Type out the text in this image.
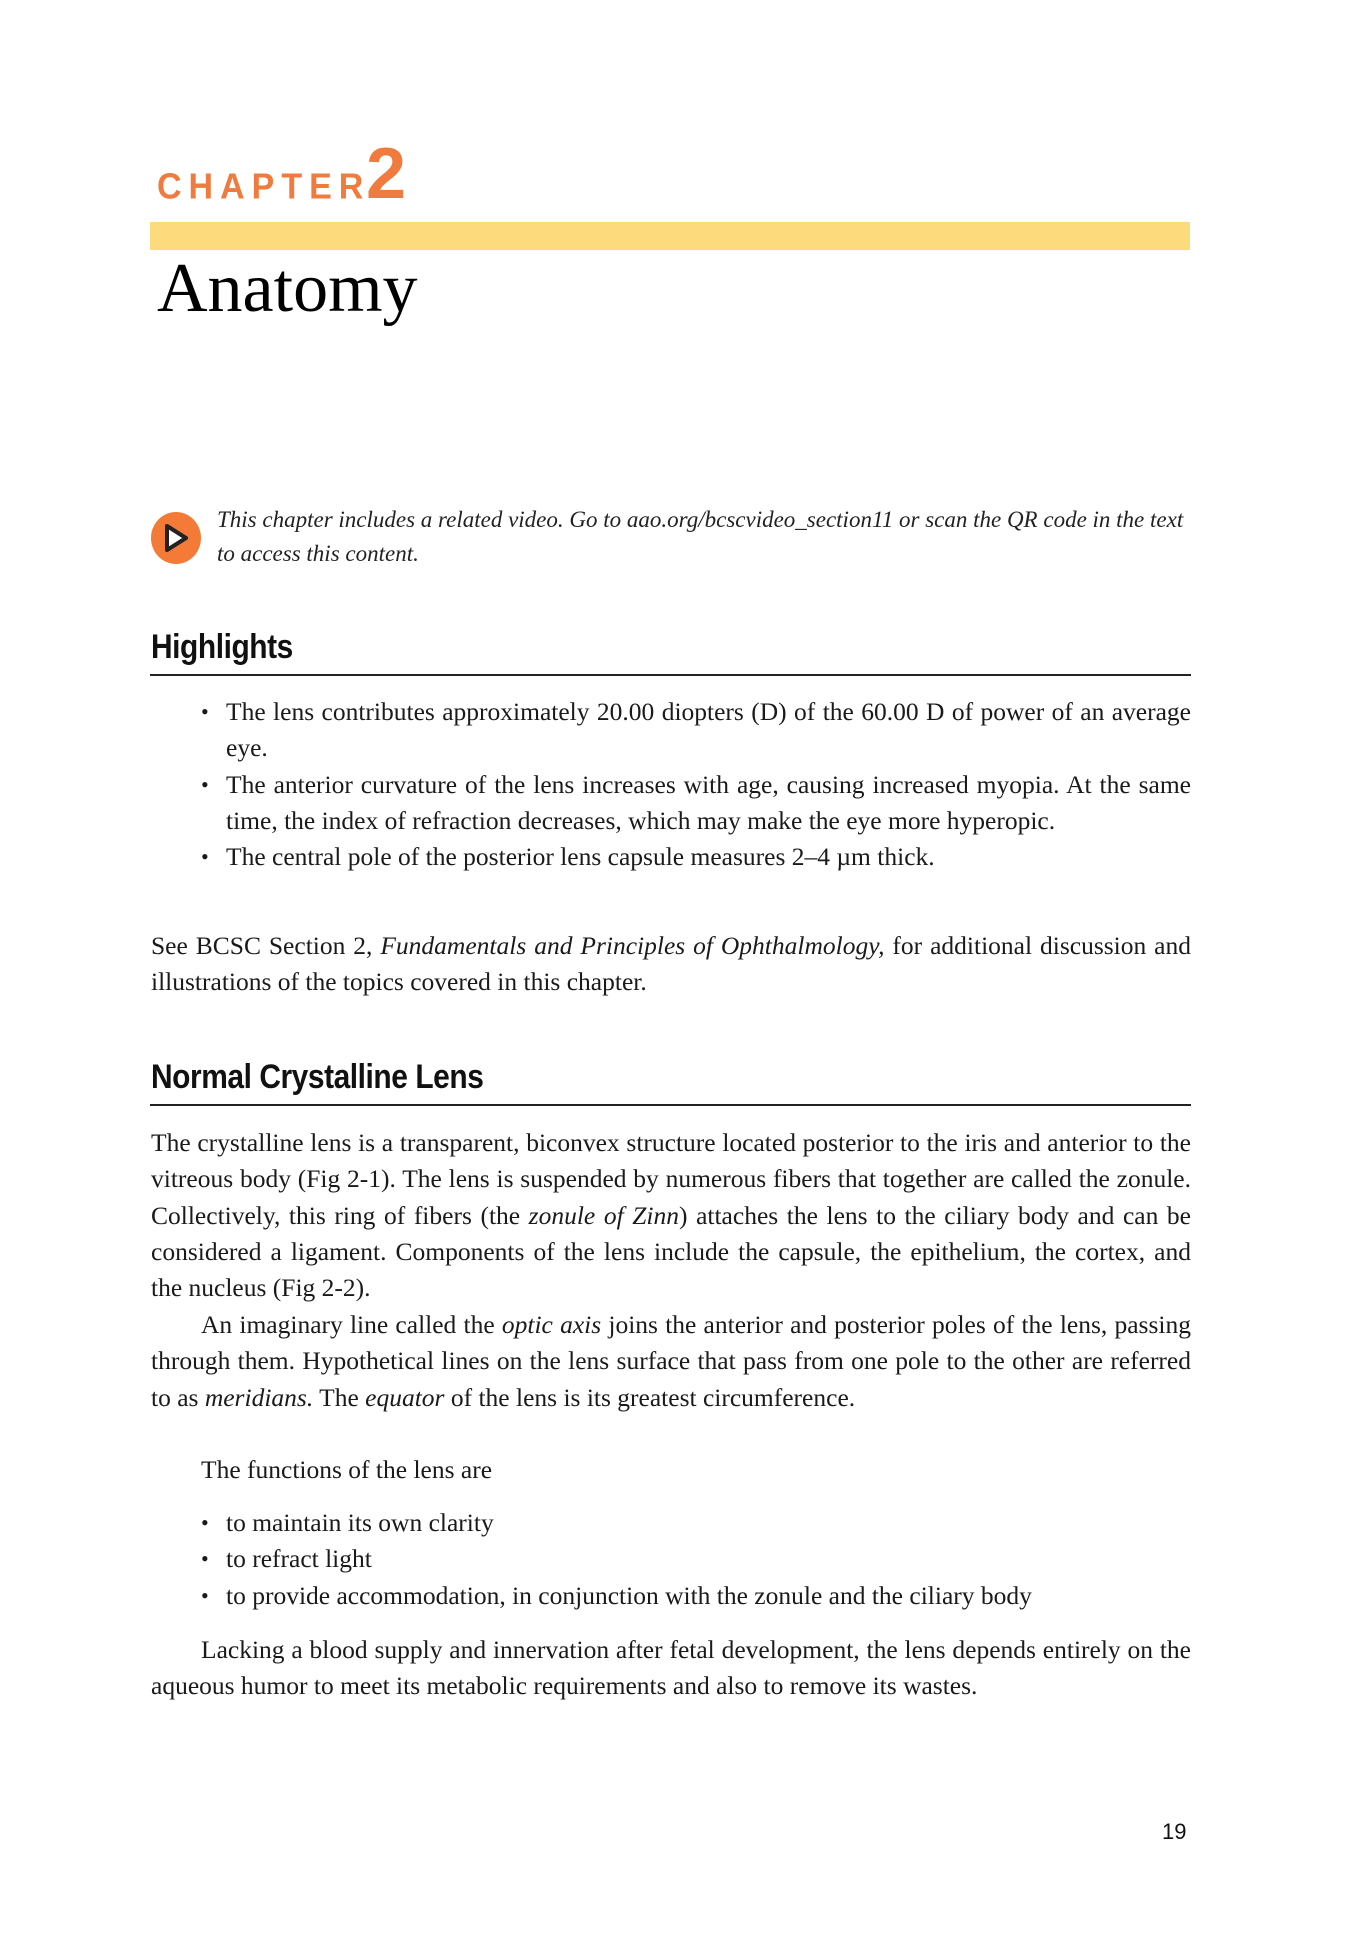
CHAPTER
2
Anatomy
This chapter includes a related video. Go to aao.org/bcscvideo_section11 or scan the QR code in the text to access this content.
Highlights
• The lens contributes approximately 20.00 diopters (D) of the 60.00 D of power of an average eye.
• The anterior curvature of the lens increases with age, causing increased myopia. At the same time, the index of refraction decreases, which may make the eye more hyperopic.
• The central pole of the posterior lens capsule measures 2–4 µm thick.

See BCSC Section 2, Fundamentals and Principles of Ophthalmology, for additional discussion and illustrations of the topics covered in this chapter.

Normal Crystalline Lens

The crystalline lens is a transparent, biconvex structure located posterior to the iris and anterior to the vitreous body (Fig 2-1). The lens is suspended by numerous fibers that together are called the zonule. Collectively, this ring of fibers (the zonule of Zinn) attaches the lens to the ciliary body and can be considered a ligament. Components of the lens include the capsule, the epithelium, the cortex, and the nucleus (Fig 2-2).

An imaginary line called the optic axis joins the anterior and posterior poles of the lens, passing through them. Hypothetical lines on the lens surface that pass from one pole to the other are referred to as meridians. The equator of the lens is its greatest circumference.

The functions of the lens are

• to maintain its own clarity
• to refract light
• to provide accommodation, in conjunction with the zonule and the ciliary body

Lacking a blood supply and innervation after fetal development, the lens depends entirely on the aqueous humor to meet its metabolic requirements and also to remove its wastes.

19
